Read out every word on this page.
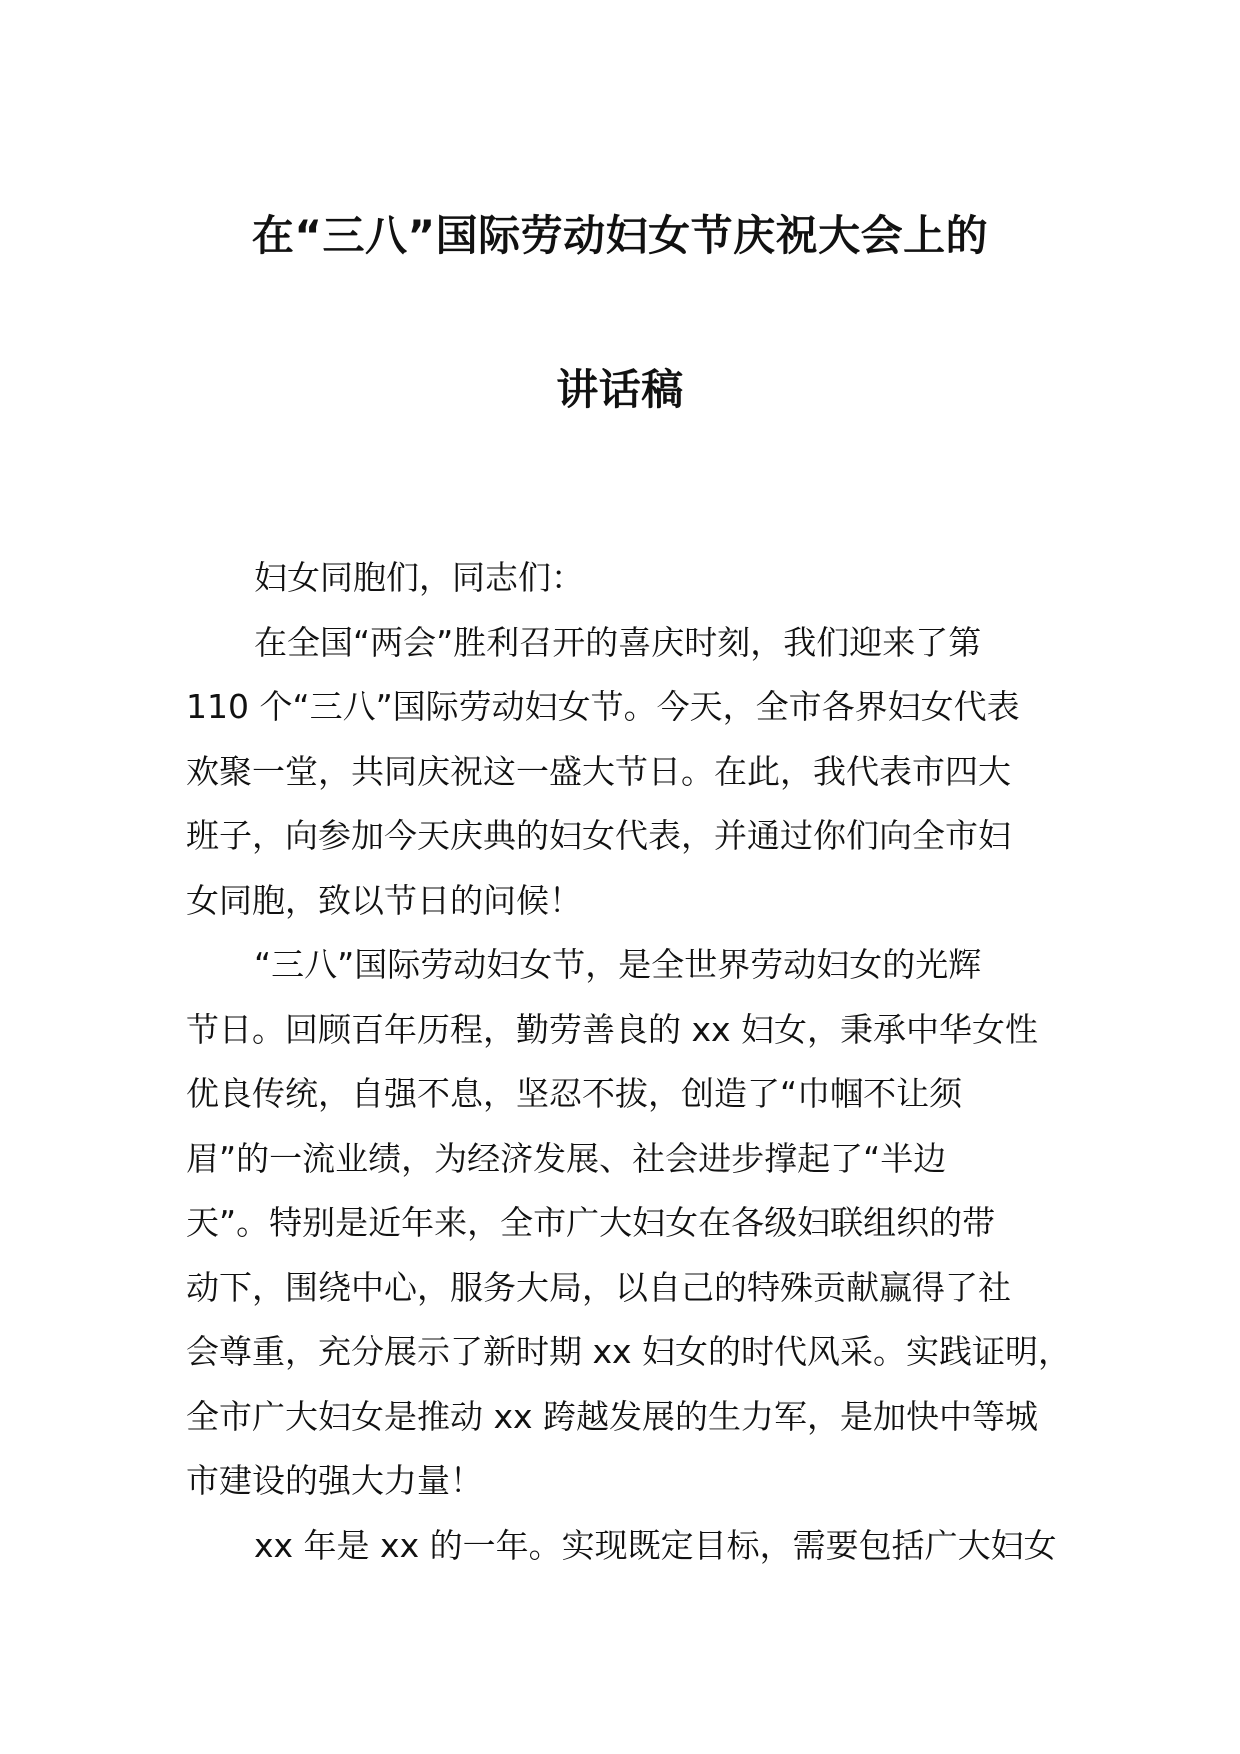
在“三八”国际劳动妇女节庆祝大会上的
讲话稿
妇女同胞们，同志们：
在全国“两会”胜利召开的喜庆时刻，我们迎来了第
110 个“三八”国际劳动妇女节。今天，全市各界妇女代表
欢聚一堂，共同庆祝这一盛大节日。在此，我代表市四大
班子，向参加今天庆典的妇女代表，并通过你们向全市妇
女同胞，致以节日的问候！
“三八”国际劳动妇女节，是全世界劳动妇女的光辉
节日。回顾百年历程，勤劳善良的 xx 妇女，秉承中华女性
优良传统，自强不息，坚忍不拔，创造了“巾帼不让须
眉”的一流业绩，为经济发展、社会进步撑起了“半边
天”。特别是近年来，全市广大妇女在各级妇联组织的带
动下，围绕中心，服务大局，以自己的特殊贡献赢得了社
会尊重，充分展示了新时期 xx 妇女的时代风采。实践证明，
全市广大妇女是推动 xx 跨越发展的生力军，是加快中等城
市建设的强大力量！
xx 年是 xx 的一年。实现既定目标，需要包括广大妇女
